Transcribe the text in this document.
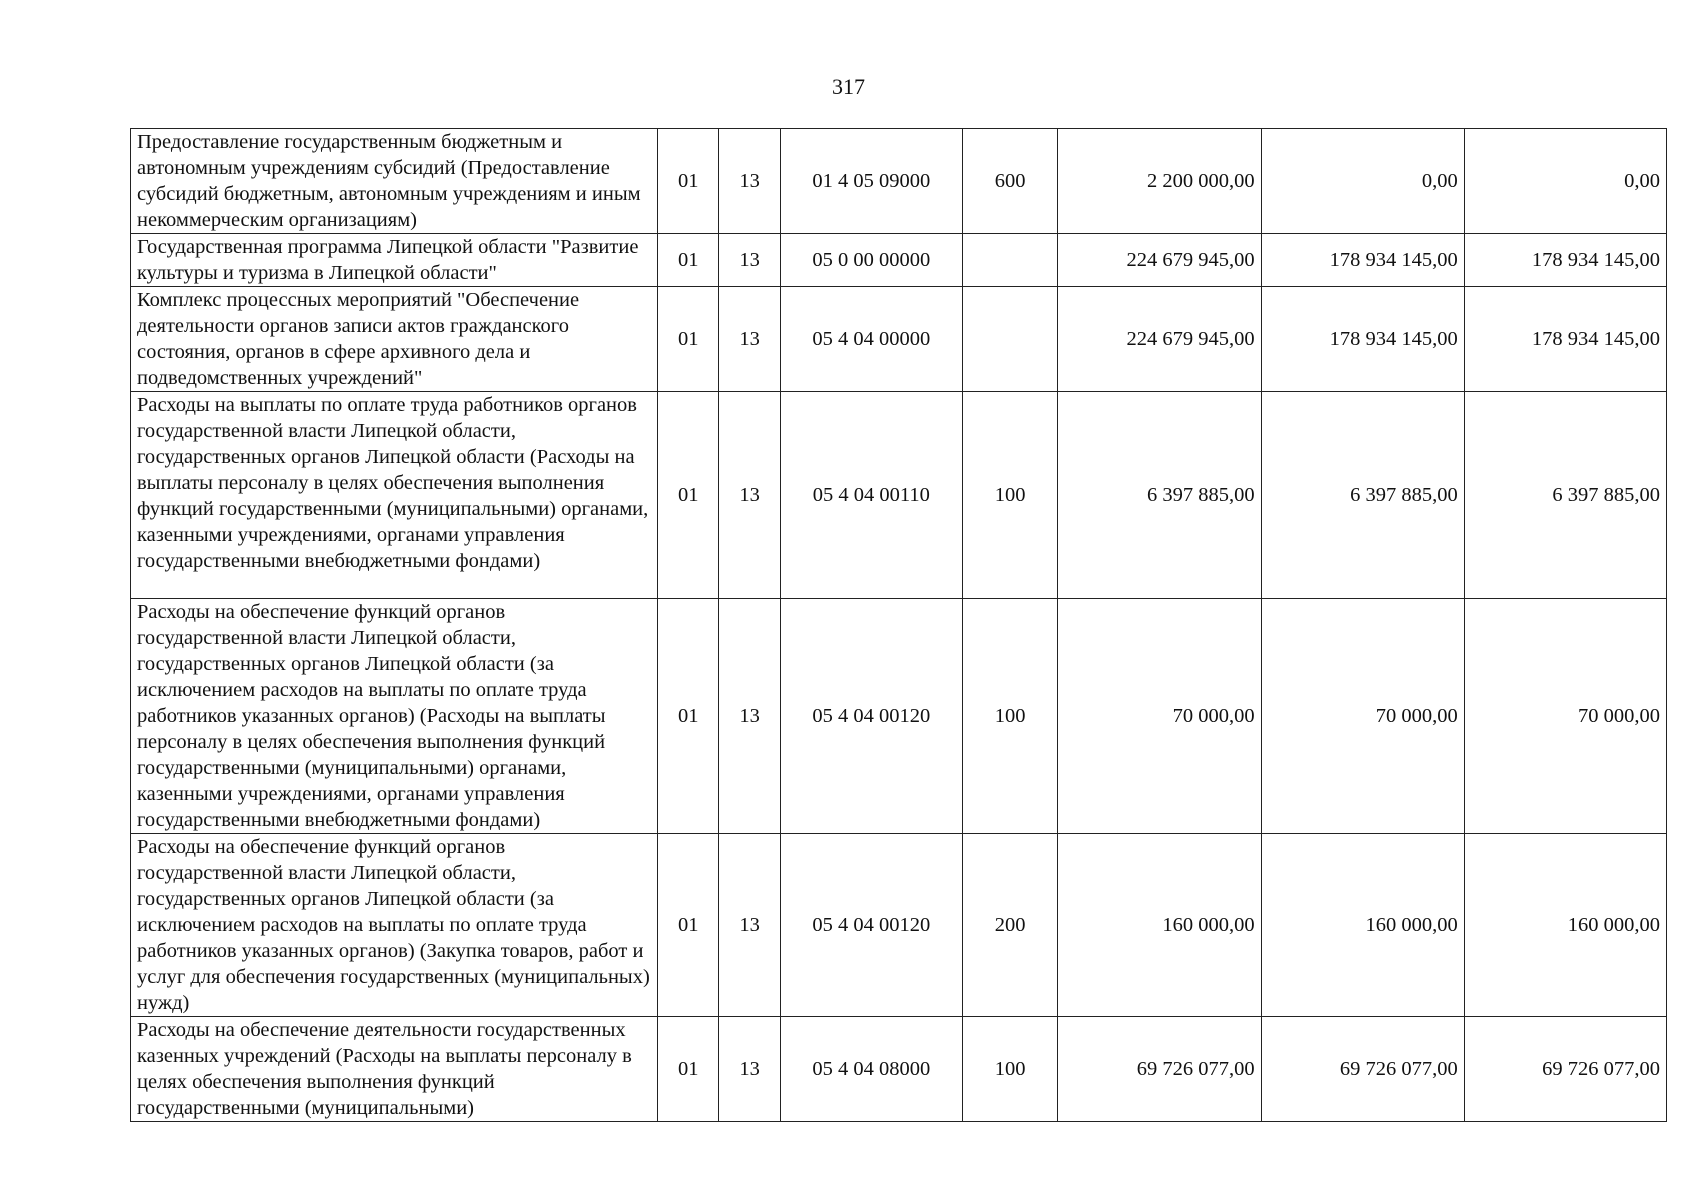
317
Предоставление государственным бюджетным и автономным учреждениям субсидий (Предоставление субсидий бюджетным, автономным учреждениям и иным некоммерческим организациям)	01	13	01 4 05 09000	600	2 200 000,00	0,00	0,00
Государственная программа Липецкой области "Развитие культуры и туризма в Липецкой области"	01	13	05 0 00 00000		224 679 945,00	178 934 145,00	178 934 145,00
Комплекс процессных мероприятий "Обеспечение деятельности органов записи актов гражданского состояния, органов в сфере архивного дела и подведомственных учреждений"	01	13	05 4 04 00000		224 679 945,00	178 934 145,00	178 934 145,00
Расходы на выплаты по оплате труда работников органов государственной власти Липецкой области, государственных органов Липецкой области (Расходы на выплаты персоналу в целях обеспечения выполнения функций государственными (муниципальными) органами, казенными учреждениями, органами управления государственными внебюджетными фондами)	01	13	05 4 04 00110	100	6 397 885,00	6 397 885,00	6 397 885,00
Расходы на обеспечение функций органов государственной власти Липецкой области, государственных органов Липецкой области (за исключением расходов на выплаты по оплате труда работников указанных органов) (Расходы на выплаты персоналу в целях обеспечения выполнения функций государственными (муниципальными) органами, казенными учреждениями, органами управления государственными внебюджетными фондами)	01	13	05 4 04 00120	100	70 000,00	70 000,00	70 000,00
Расходы на обеспечение функций органов государственной власти Липецкой области, государственных органов Липецкой области (за исключением расходов на выплаты по оплате труда работников указанных органов) (Закупка товаров, работ и услуг для обеспечения государственных (муниципальных) нужд)	01	13	05 4 04 00120	200	160 000,00	160 000,00	160 000,00
Расходы на обеспечение деятельности государственных казенных учреждений (Расходы на выплаты персоналу в целях обеспечения выполнения функций государственными (муниципальными)	01	13	05 4 04 08000	100	69 726 077,00	69 726 077,00	69 726 077,00
